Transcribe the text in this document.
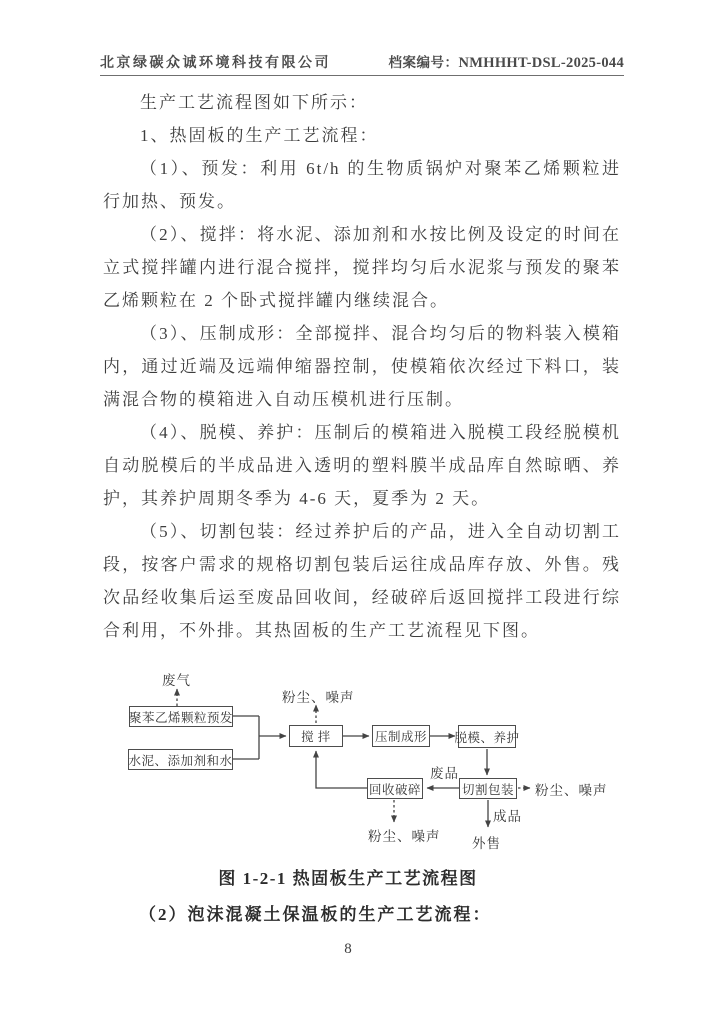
北京绿碳众诚环境科技有限公司	档案编号：NMHHHT-DSL-2025-044

生产工艺流程图如下所示：

1、热固板的生产工艺流程：

（1）、预发：利用 6t/h 的生物质锅炉对聚苯乙烯颗粒进行加热、预发。

（2）、搅拌：将水泥、添加剂和水按比例及设定的时间在立式搅拌罐内进行混合搅拌，搅拌均匀后水泥浆与预发的聚苯乙烯颗粒在 2 个卧式搅拌罐内继续混合。

（3）、压制成形：全部搅拌、混合均匀后的物料装入模箱内，通过近端及远端伸缩器控制，使模箱依次经过下料口，装满混合物的模箱进入自动压模机进行压制。

（4）、脱模、养护：压制后的模箱进入脱模工段经脱模机自动脱模后的半成品进入透明的塑料膜半成品库自然晾晒、养护，其养护周期冬季为 4-6 天，夏季为 2 天。

（5）、切割包装：经过养护后的产品，进入全自动切割工段，按客户需求的规格切割包装后运往成品库存放、外售。残次品经收集后运至废品回收间，经破碎后返回搅拌工段进行综合利用，不外排。其热固板的生产工艺流程见下图。

聚苯乙烯颗粒预发
水泥、添加剂和水
搅 拌	压制成形 脱模、养护
切割包装
回收破碎
废气
粉尘、噪声
废品
粉尘、噪声
粉尘、噪声
成品
外售
图 1-2-1 热固板生产工艺流程图
（2）泡沫混凝土保温板的生产工艺流程：
8
